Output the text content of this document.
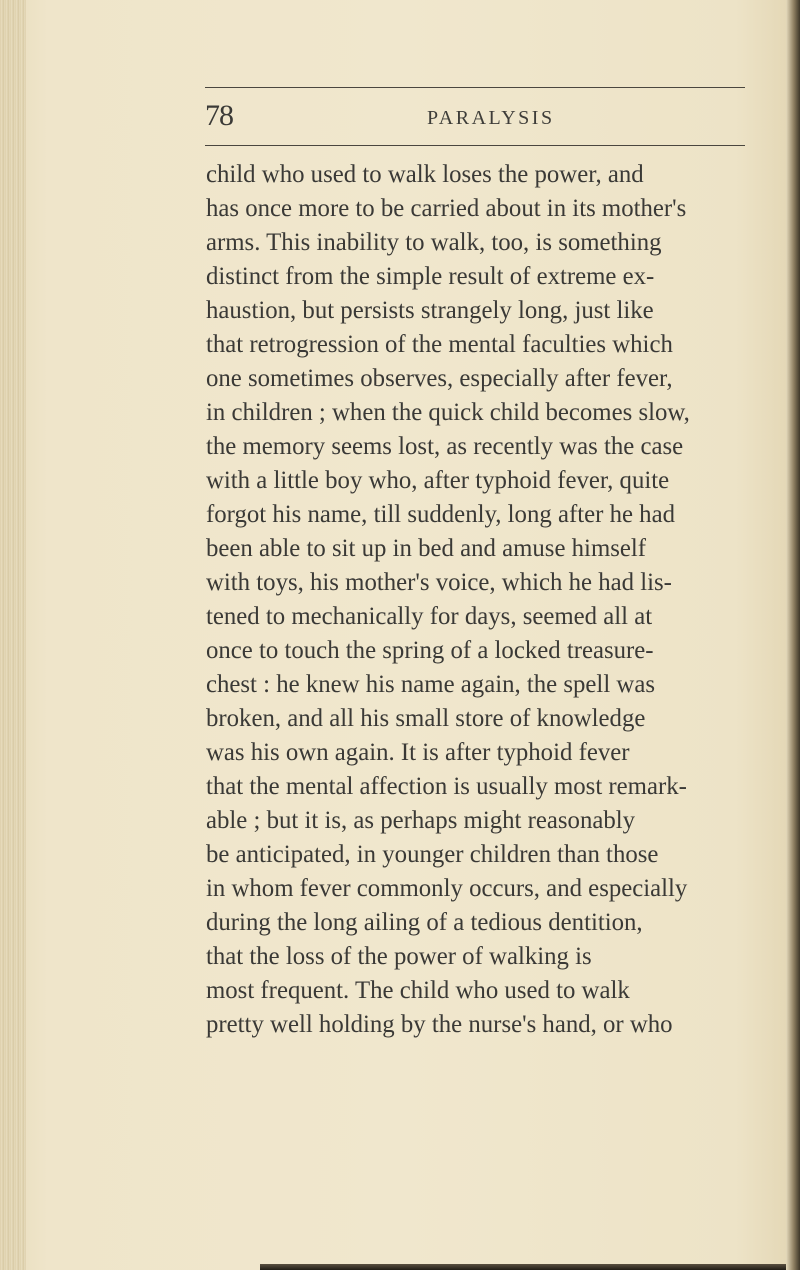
78	PARALYSIS

child who used to walk loses the power, and
has once more to be carried about in its mother's
arms. This inability to walk, too, is something
distinct from the simple result of extreme ex-
haustion, but persists strangely long, just like
that retrogression of the mental faculties which
one sometimes observes, especially after fever,
in children ; when the quick child becomes slow,
the memory seems lost, as recently was the case
with a little boy who, after typhoid fever, quite
forgot his name, till suddenly, long after he had
been able to sit up in bed and amuse himself
with toys, his mother's voice, which he had lis-
tened to mechanically for days, seemed all at
once to touch the spring of a locked treasure-
chest : he knew his name again, the spell was
broken, and all his small store of knowledge
was his own again. It is after typhoid fever
that the mental affection is usually most remark-
able ; but it is, as perhaps might reasonably
be anticipated, in younger children than those
in whom fever commonly occurs, and especially
during the long ailing of a tedious dentition,
that the loss of the power of walking is
most frequent. The child who used to walk
pretty well holding by the nurse's hand, or who
